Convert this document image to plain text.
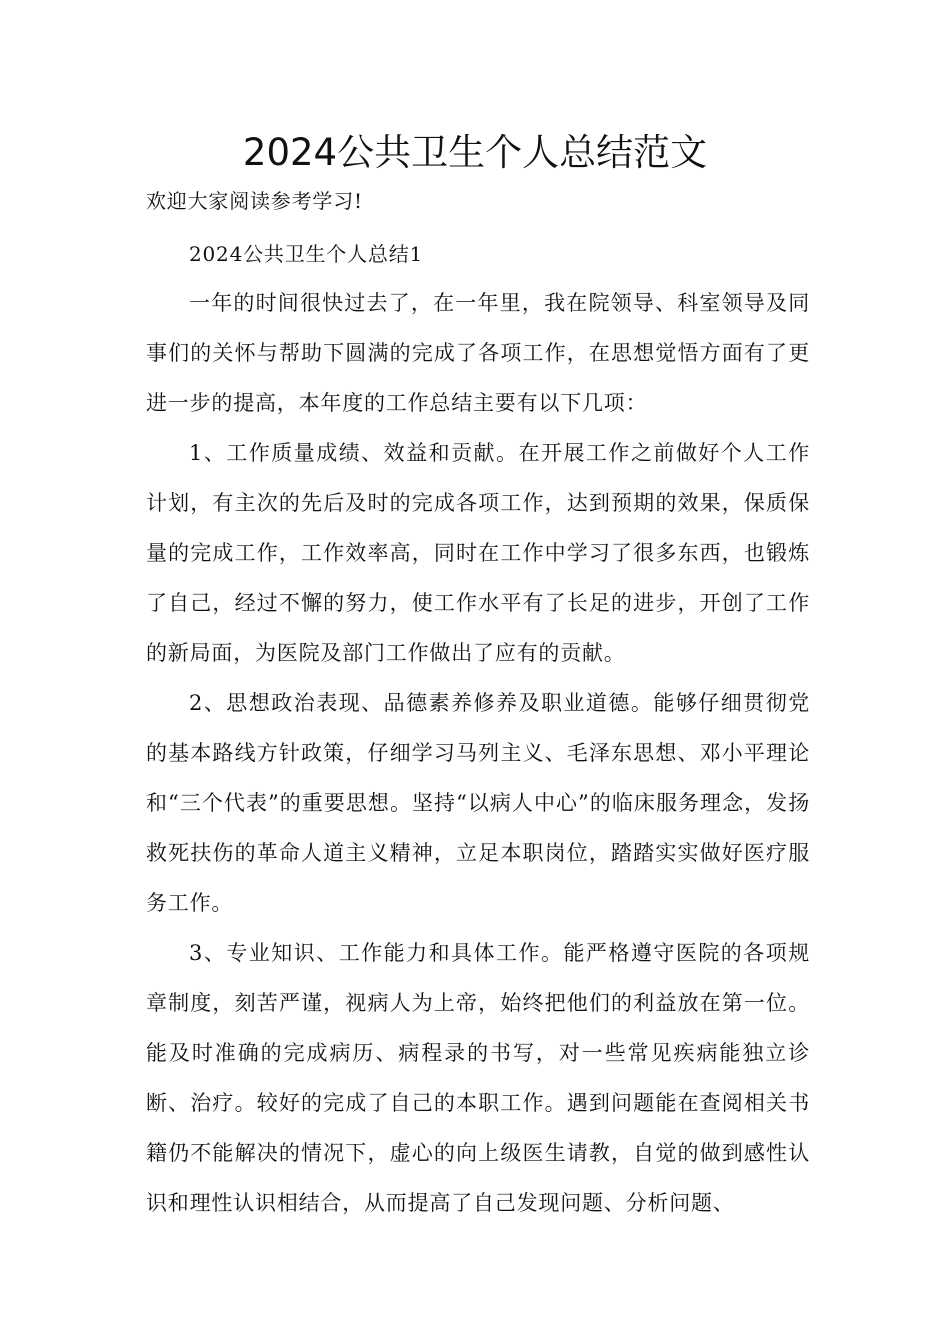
2024公共卫生个人总结范文
欢迎大家阅读参考学习!
2024公共卫生个人总结1

一年的时间很快过去了，在一年里，我在院领导、科室领导及同事们的关怀与帮助下圆满的完成了各项工作，在思想觉悟方面有了更进一步的提高，本年度的工作总结主要有以下几项：

1、工作质量成绩、效益和贡献。在开展工作之前做好个人工作计划，有主次的先后及时的完成各项工作，达到预期的效果，保质保量的完成工作，工作效率高，同时在工作中学习了很多东西，也锻炼了自己，经过不懈的努力，使工作水平有了长足的进步，开创了工作的新局面，为医院及部门工作做出了应有的贡献。

2、思想政治表现、品德素养修养及职业道德。能够仔细贯彻党的基本路线方针政策，仔细学习马列主义、毛泽东思想、邓小平理论和“三个代表”的重要思想。坚持“以病人中心”的临床服务理念，发扬救死扶伤的革命人道主义精神，立足本职岗位，踏踏实实做好医疗服务工作。

3、专业知识、工作能力和具体工作。能严格遵守医院的各项规章制度，刻苦严谨，视病人为上帝，始终把他们的利益放在第一位。能及时准确的完成病历、病程录的书写，对一些常见疾病能独立诊断、治疗。较好的完成了自己的本职工作。遇到问题能在查阅相关书籍仍不能解决的情况下，虚心的向上级医生请教，自觉的做到感性认识和理性认识相结合，从而提高了自己发现问题、分析问题、
